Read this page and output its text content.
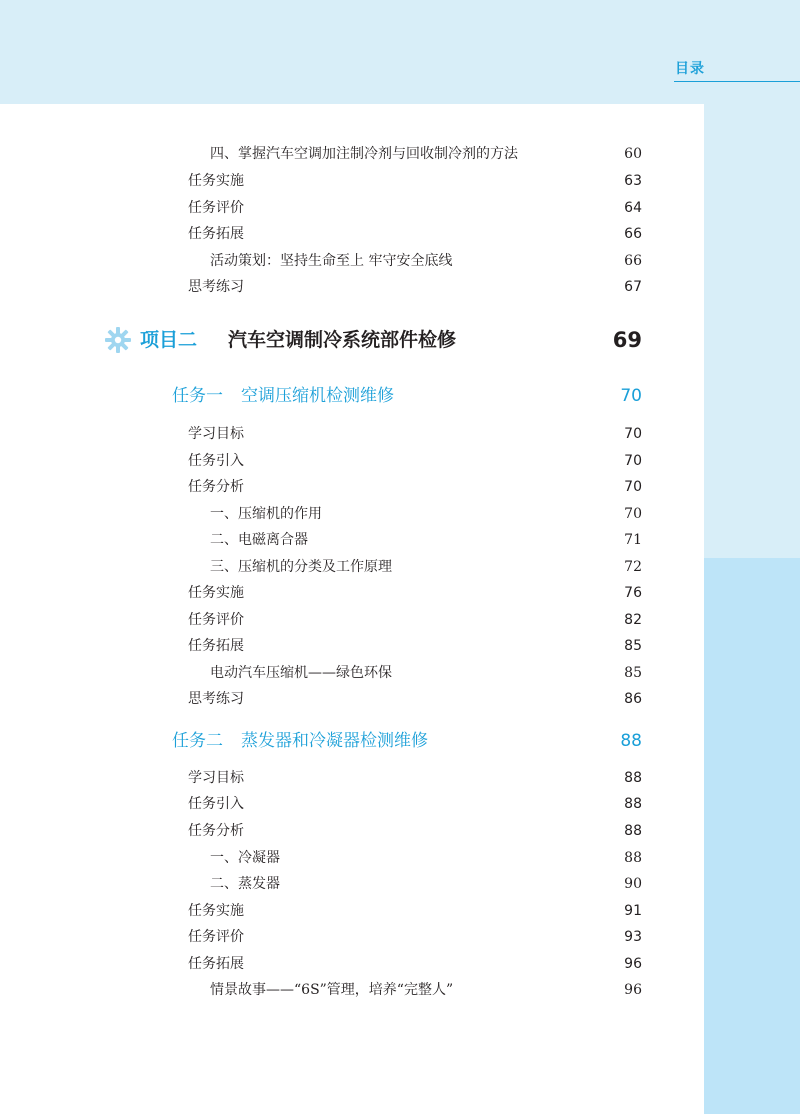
目录
四、掌握汽车空调加注制冷剂与回收制冷剂的方法	60
任务实施	63
任务评价	64
任务拓展	66
活动策划：坚持生命至上 牢守安全底线	66
思考练习	67
项目二 汽车空调制冷系统部件检修	69
任务一 空调压缩机检测维修	70
学习目标	70
任务引入	70
任务分析	70
一、压缩机的作用	70
二、电磁离合器	71
三、压缩机的分类及工作原理	72
任务实施	76
任务评价	82
任务拓展	85
电动汽车压缩机——绿色环保	85
思考练习	86
任务二 蒸发器和冷凝器检测维修	88
学习目标	88
任务引入	88
任务分析	88
一、冷凝器	88
二、蒸发器	90
任务实施	91
任务评价	93
任务拓展	96
情景故事——“6S”管理，培养“完整人”	96
